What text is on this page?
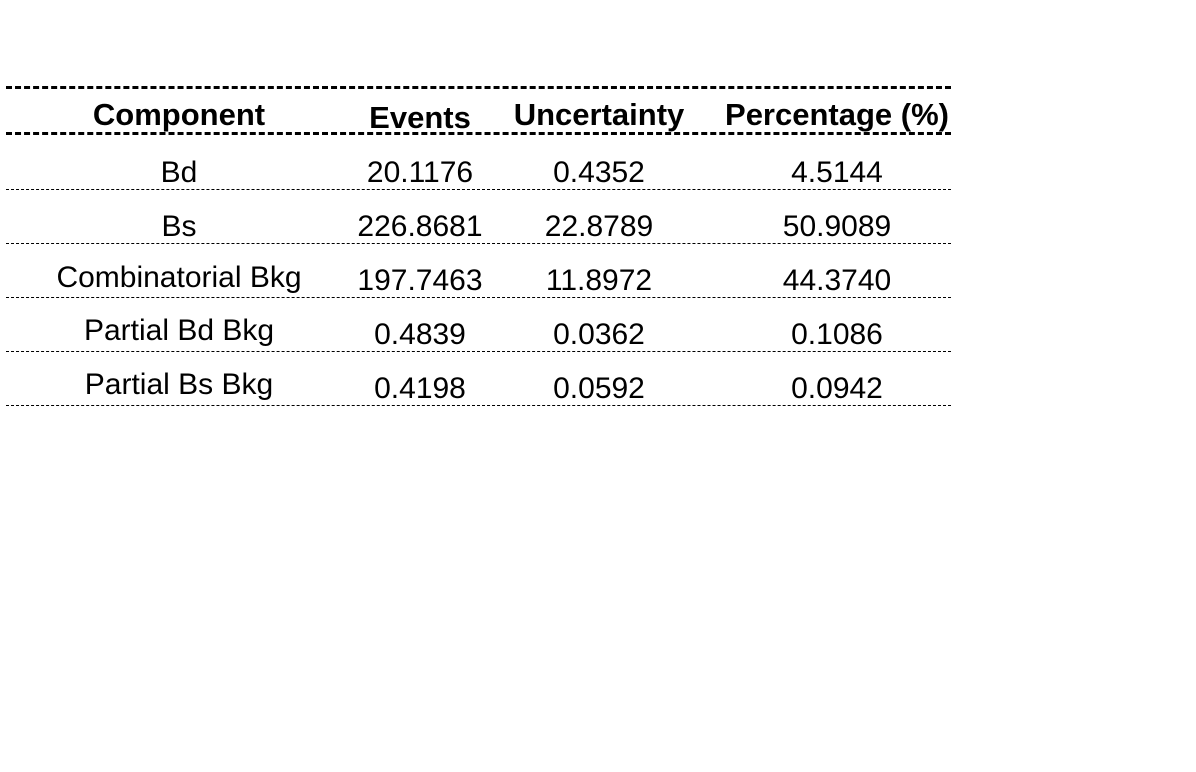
Component	Events	Uncertainty	Percentage (%)
Bd	20.1176	0.4352	4.5144
Bs	226.8681	22.8789	50.9089
Combinatorial Bkg	197.7463	11.8972	44.3740
Partial Bd Bkg	0.4839	0.0362	0.1086
Partial Bs Bkg	0.4198	0.0592	0.0942
